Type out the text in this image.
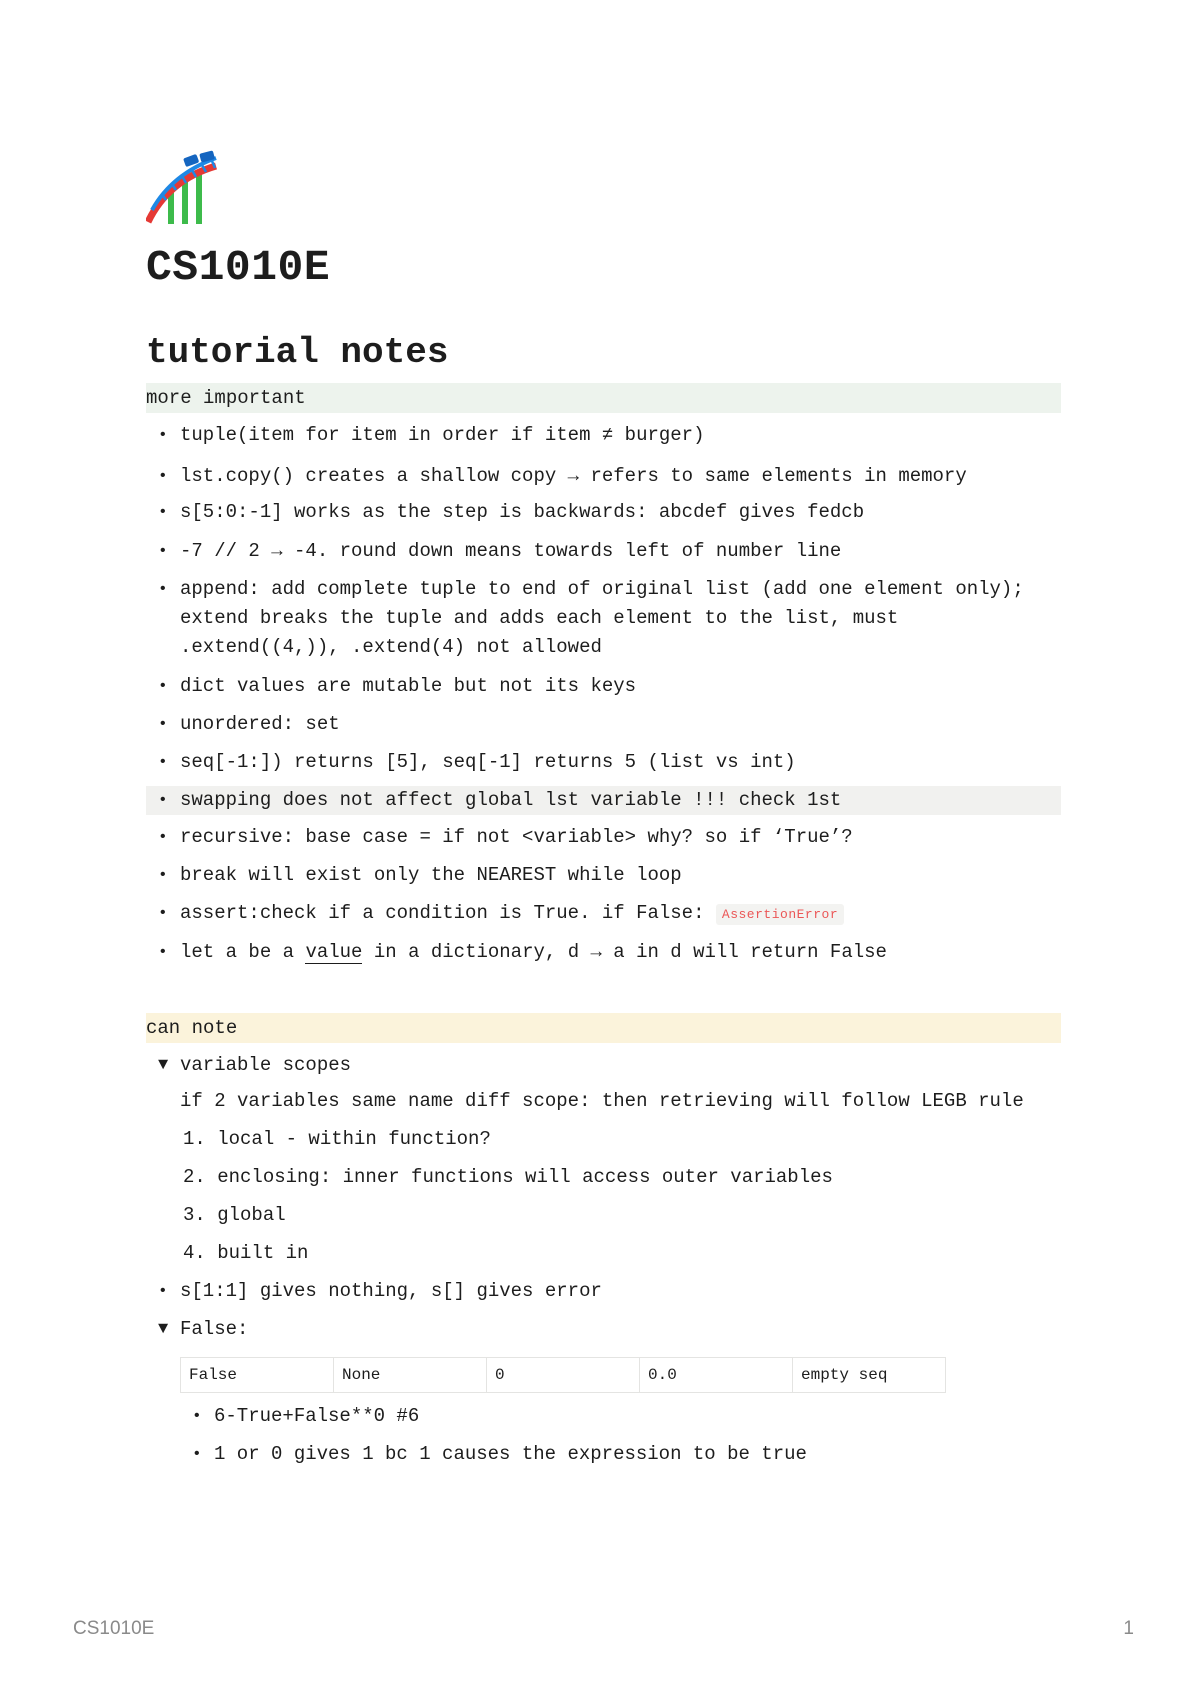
CS1010E
tutorial notes
more important
• tuple(item for item in order if item ≠ burger)
• lst.copy() creates a shallow copy → refers to same elements in memory
• s[5:0:-1] works as the step is backwards: abcdef gives fedcb
• -7 // 2 → -4. round down means towards left of number line
• append: add complete tuple to end of original list (add one element only); extend breaks the tuple and adds each element to the list, must .extend((4,)), .extend(4) not allowed
• dict values are mutable but not its keys
• unordered: set
• seq[-1:]) returns [5], seq[-1] returns 5 (list vs int)
• swapping does not affect global lst variable !!! check 1st
• recursive: base case = if not <variable> why? so if ‘True’?
• break will exist only the NEAREST while loop
• assert:check if a condition is True. if False: AssertionError
• let a be a value in a dictionary, d → a in d will return False
can note
▼ variable scopes

if 2 variables same name diff scope: then retrieving will follow LEGB rule

1. local - within function?
2. enclosing: inner functions will access outer variables
3. global
4. built in
• s[1:1] gives nothing, s[] gives error
▼ False:
False	None	0	0.0	empty seq
• 6-True+False**0 #6
• 1 or 0 gives 1 bc 1 causes the expression to be true
CS1010E	1
